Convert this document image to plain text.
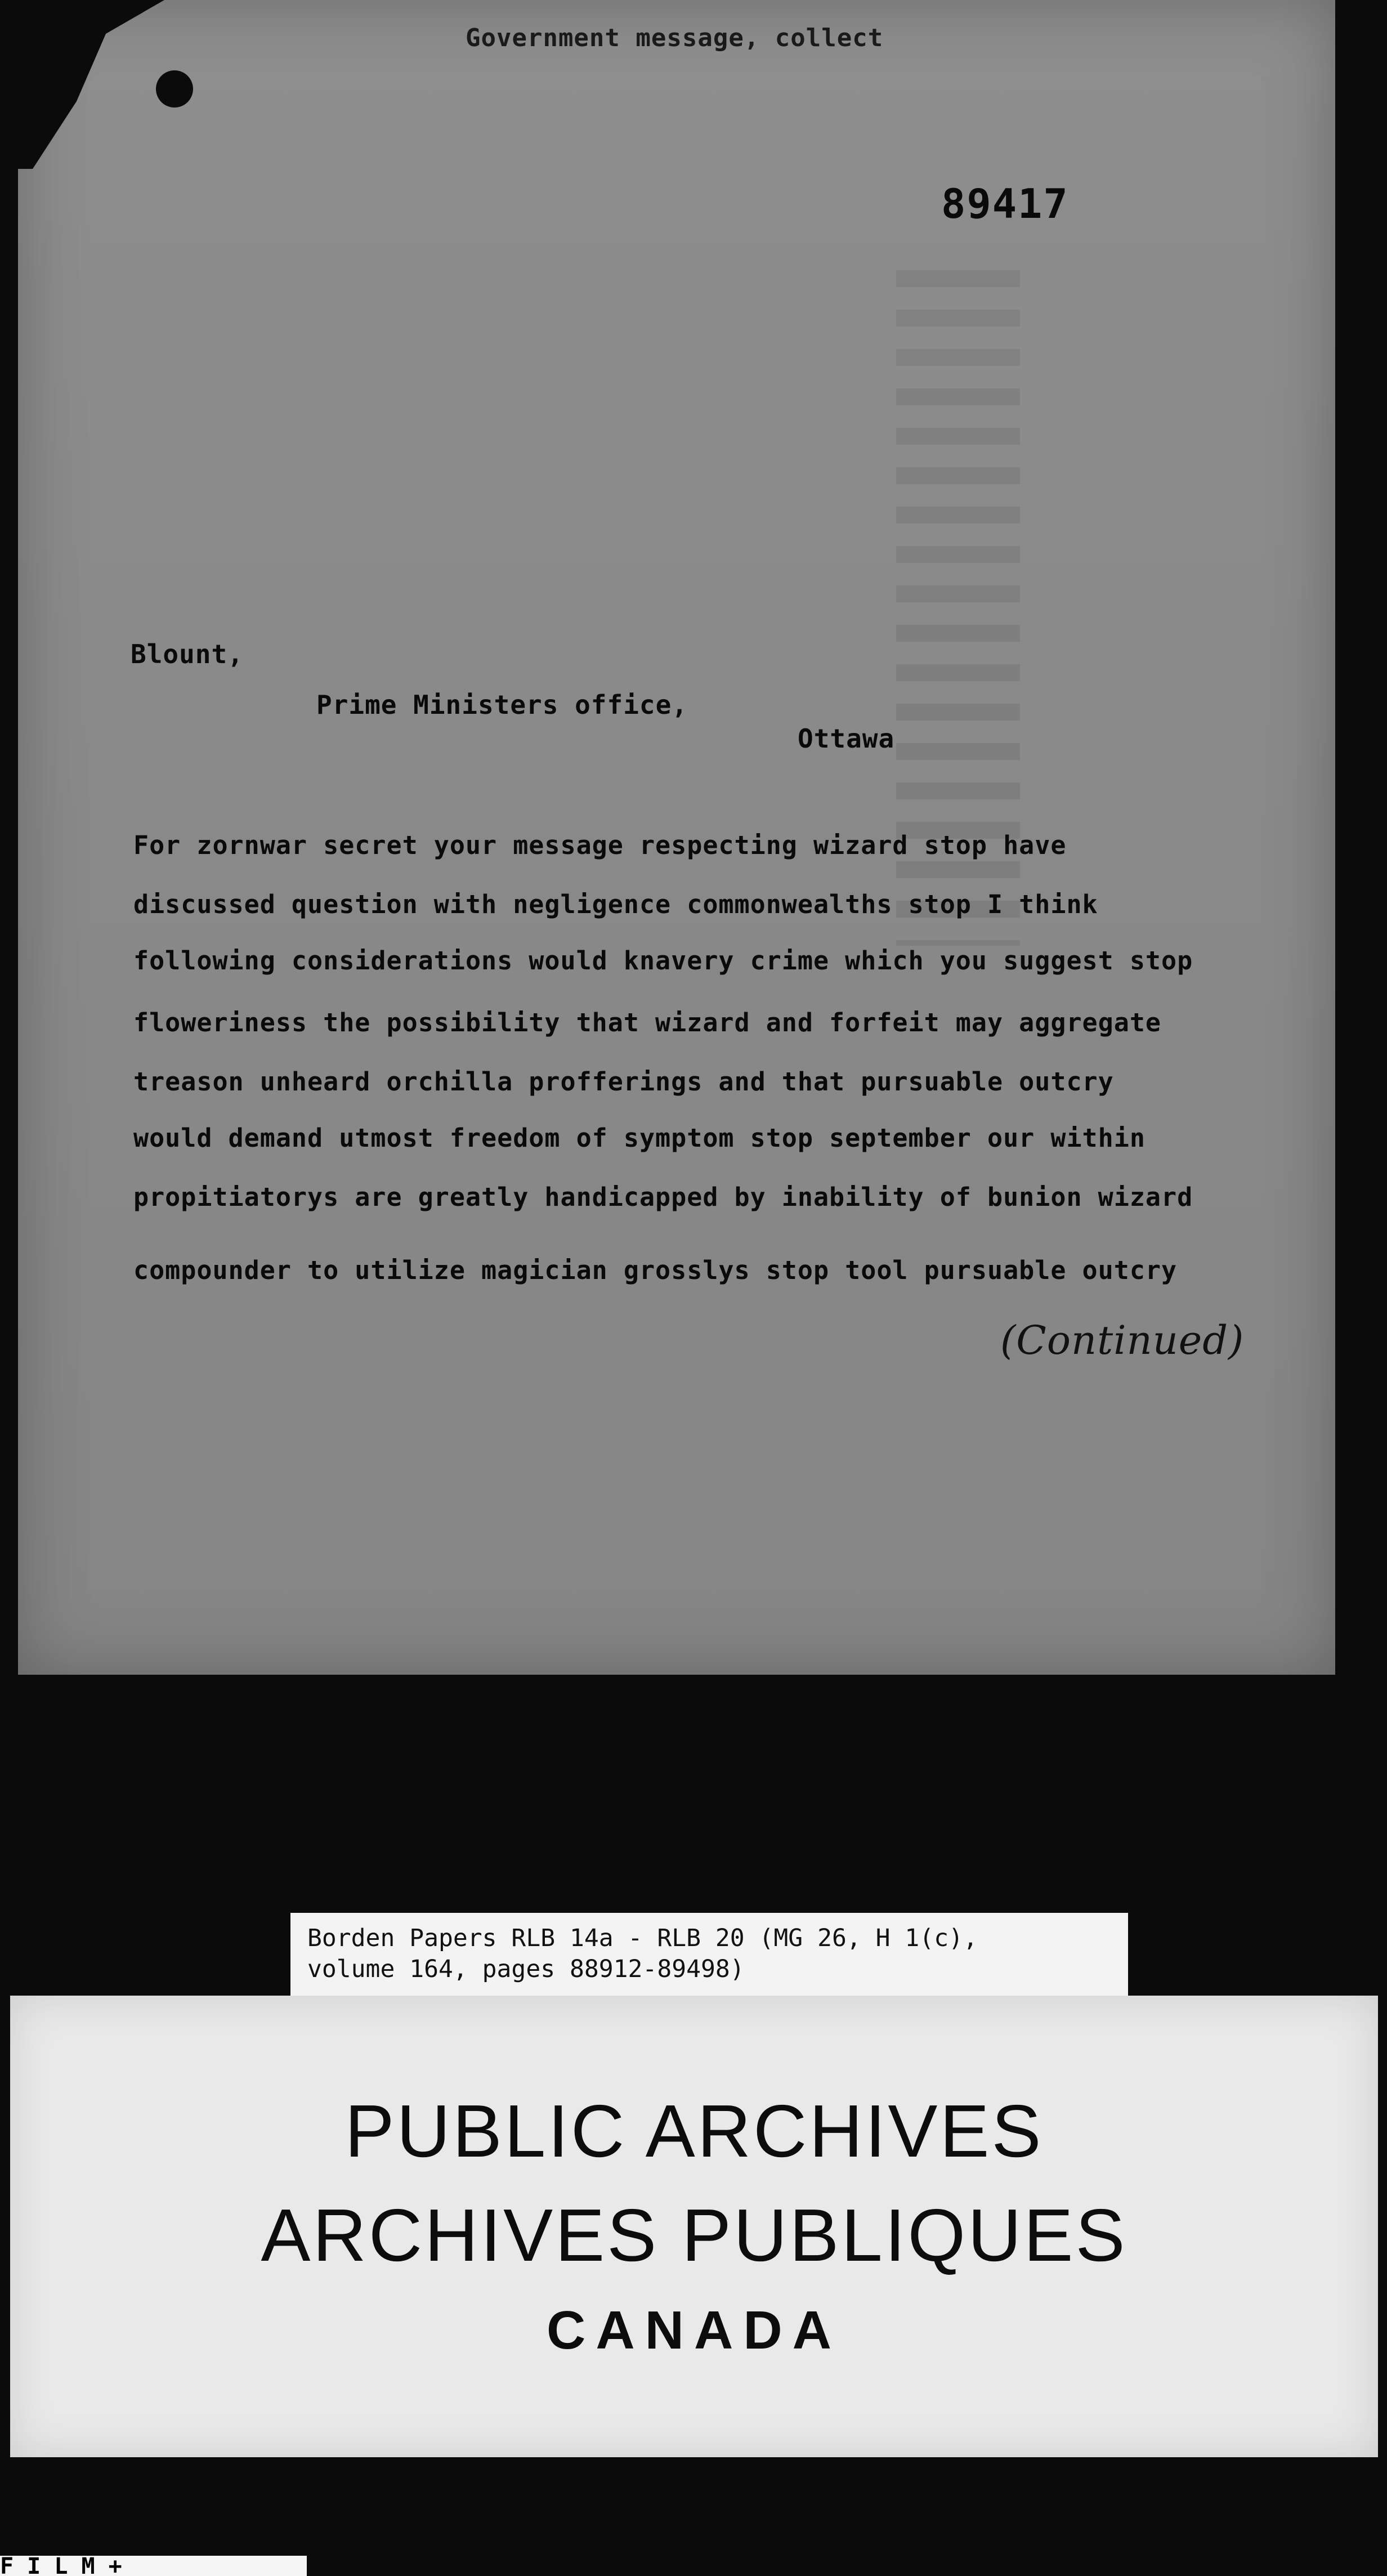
Government message, collect
89417
Blount,
Prime Ministers office,
Ottawa
For zornwar secret your message respecting wizard stop have
discussed question with negligence commonwealths stop I think
following considerations would knavery crime which you suggest stop
floweriness the possibility that wizard and forfeit may aggregate
treason unheard orchilla profferings and that pursuable outcry
would demand utmost freedom of symptom stop september our within
propitiatorys are greatly handicapped by inability of bunion wizard
compounder to utilize magician grosslys stop tool pursuable outcry
(Continued)
Borden Papers RLB 14a - RLB 20 (MG 26, H 1(c),
volume 164, pages 88912-89498)
PUBLIC ARCHIVES
ARCHIVES PUBLIQUES
CANADA
F I L M +
